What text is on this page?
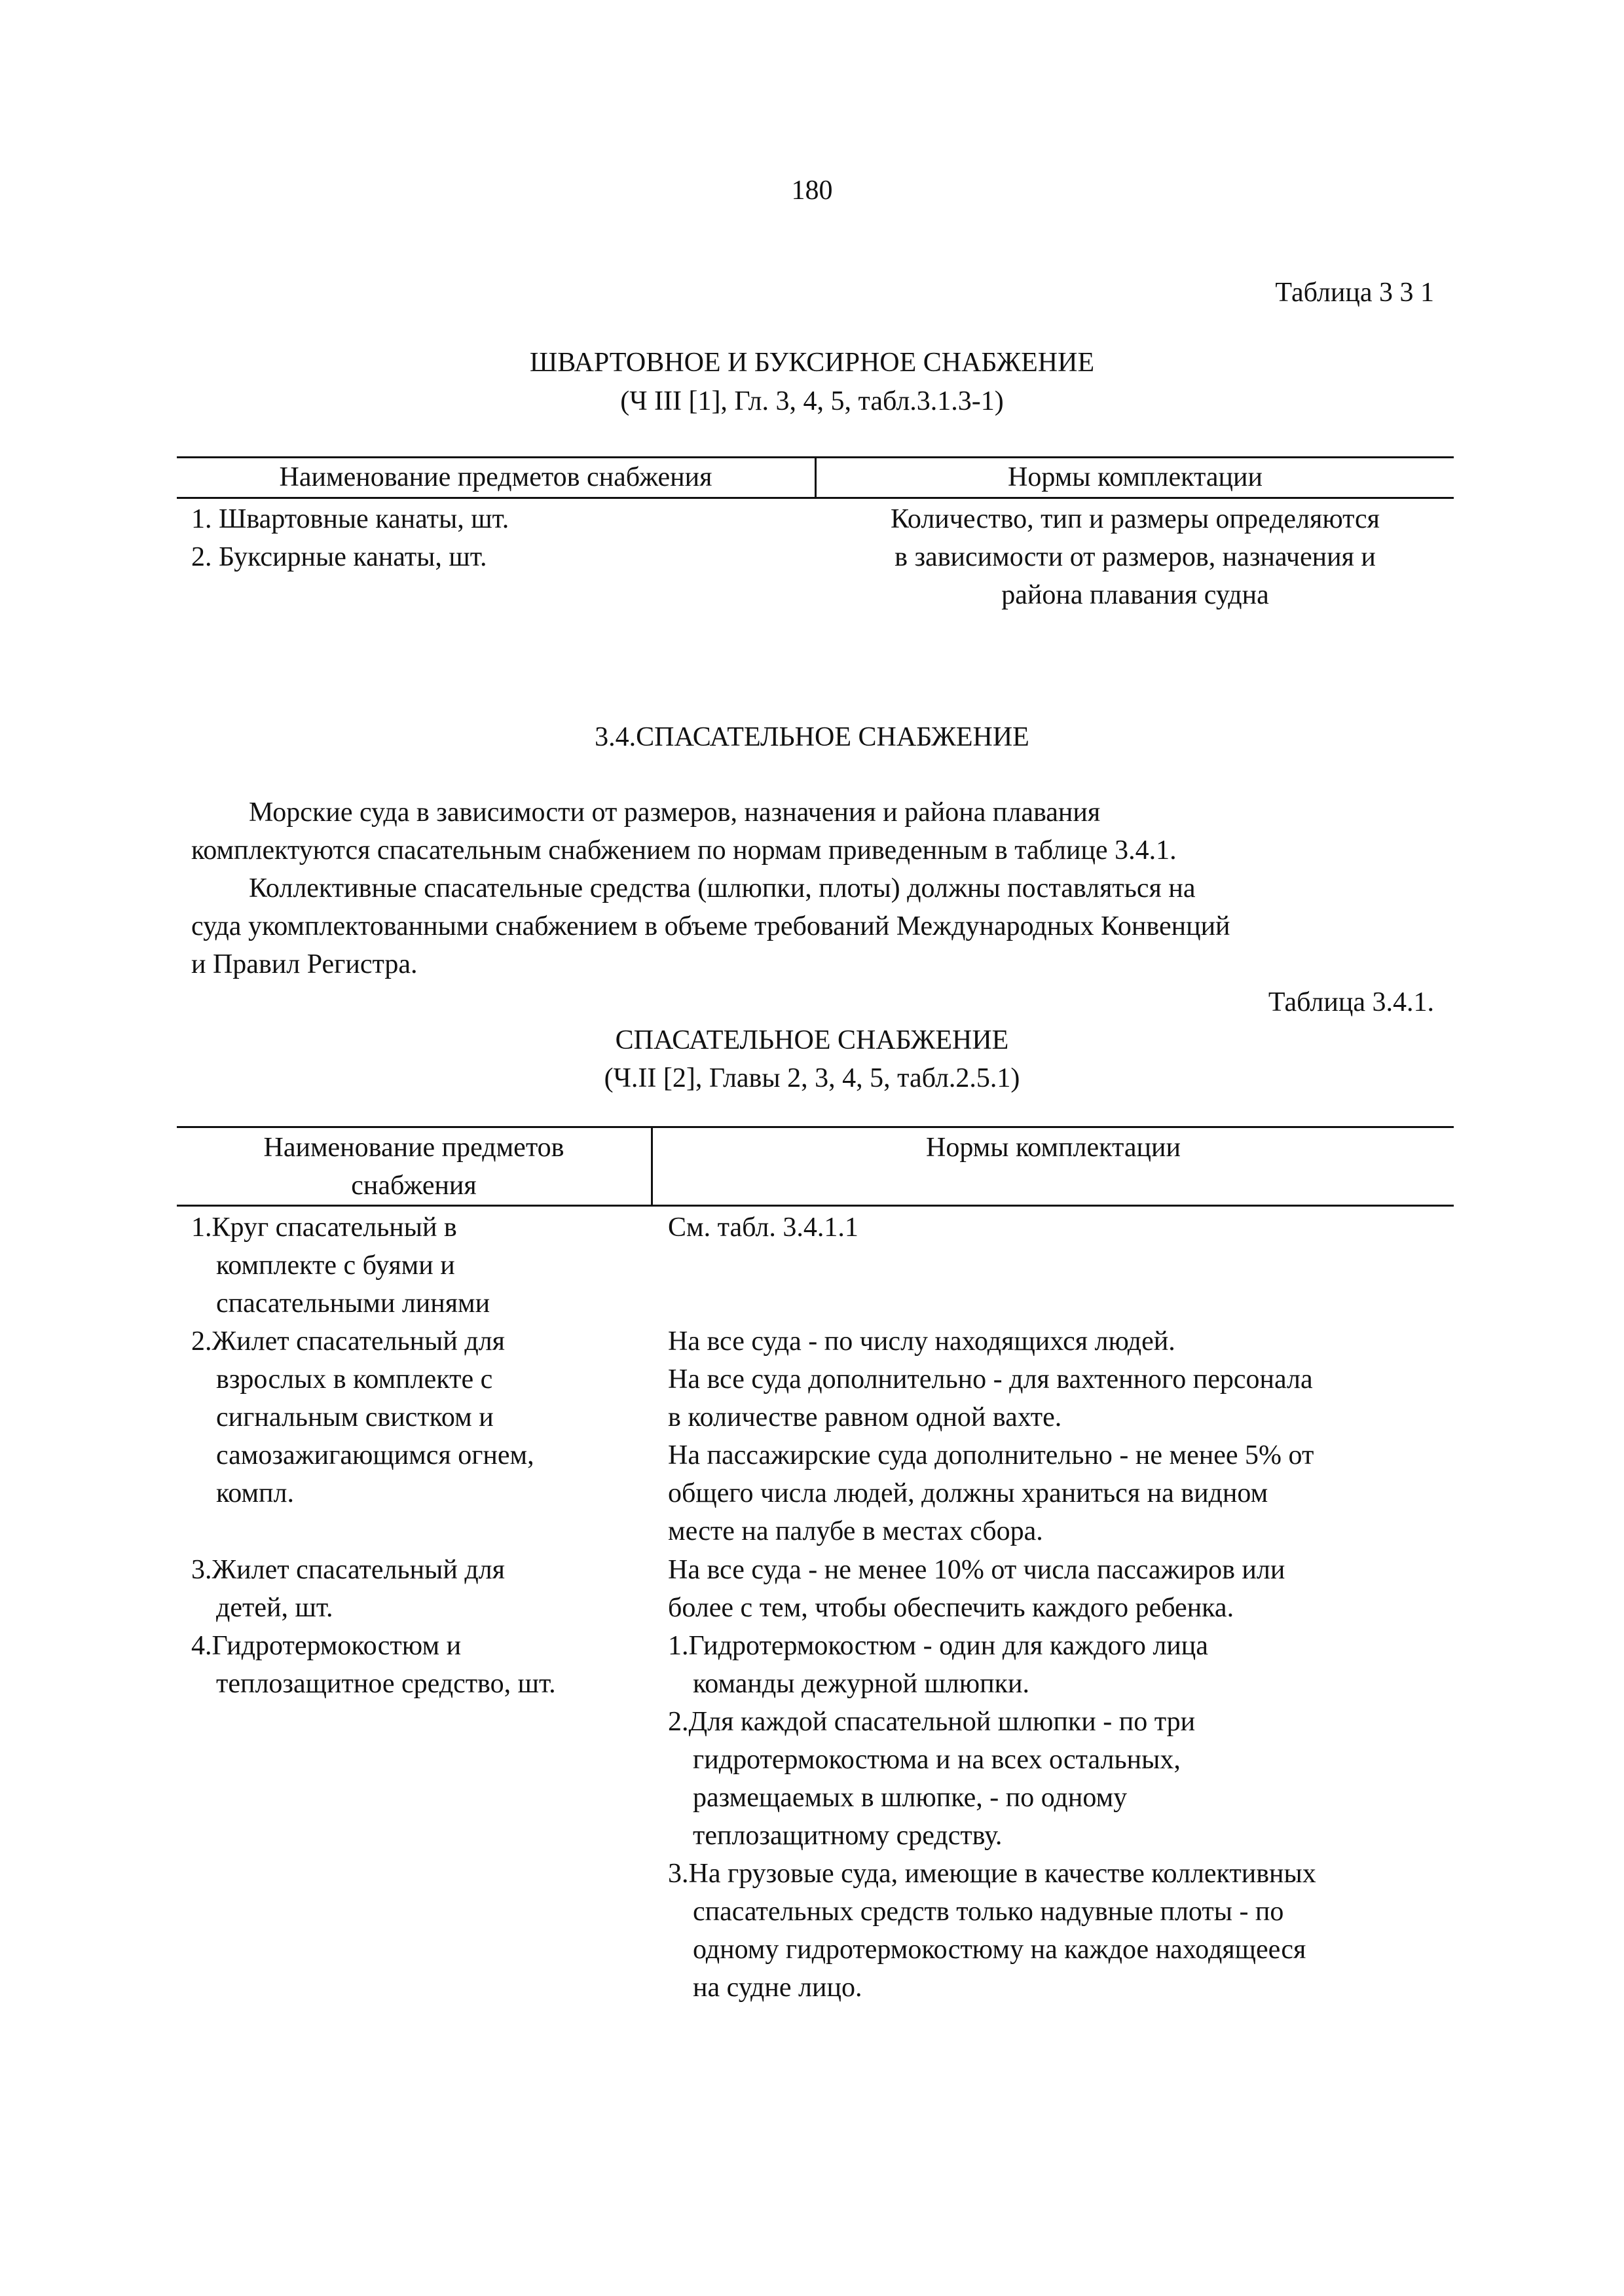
180
Таблица 3 3 1
ШВАРТОВНОЕ И БУКСИРНОЕ СНАБЖЕНИЕ
(Ч III [1], Гл. 3, 4, 5, табл.3.1.3-1)
Наименование предметов снабжения	Нормы комплектации
1. Швартовные канаты, шт.
2. Буксирные канаты, шт.
Количество, тип и размеры определяются
в зависимости от размеров, назначения и
района плавания судна
3.4.СПАСАТЕЛЬНОЕ СНАБЖЕНИЕ
Морские суда в зависимости от размеров, назначения и района плавания
комплектуются спасательным снабжением по нормам приведенным в таблице 3.4.1.
Коллективные спасательные средства (шлюпки, плоты) должны поставляться на
суда укомплектованными снабжением в объеме требований Международных Конвенций
и Правил Регистра.
Таблица 3.4.1.
СПАСАТЕЛЬНОЕ СНАБЖЕНИЕ
(Ч.II [2], Главы 2, 3, 4, 5, табл.2.5.1)
Наименование предметов
снабжения
Нормы комплектации
1.Круг спасательный в
комплекте с буями и
спасательными линями
См. табл. 3.4.1.1
2.Жилет спасательный для
взрослых в комплекте с
сигнальным свистком и
самозажигающимся огнем,
компл.
На все суда - по числу находящихся людей.
На все суда дополнительно - для вахтенного персонала
в количестве равном одной вахте.
На пассажирские суда дополнительно - не менее 5% от
общего числа людей, должны храниться на видном
месте на палубе в местах сбора.
3.Жилет спасательный для
детей, шт.
На все суда - не менее 10% от числа пассажиров или
более с тем, чтобы обеспечить каждого ребенка.
4.Гидротермокостюм и
теплозащитное средство, шт.
1.Гидротермокостюм - один для каждого лица
команды дежурной шлюпки.
2.Для каждой спасательной шлюпки - по три
гидротермокостюма и на всех остальных,
размещаемых в шлюпке, - по одному
теплозащитному средству.
3.На грузовые суда, имеющие в качестве коллективных
спасательных средств только надувные плоты - по
одному гидротермокостюму на каждое находящееся
на судне лицо.
